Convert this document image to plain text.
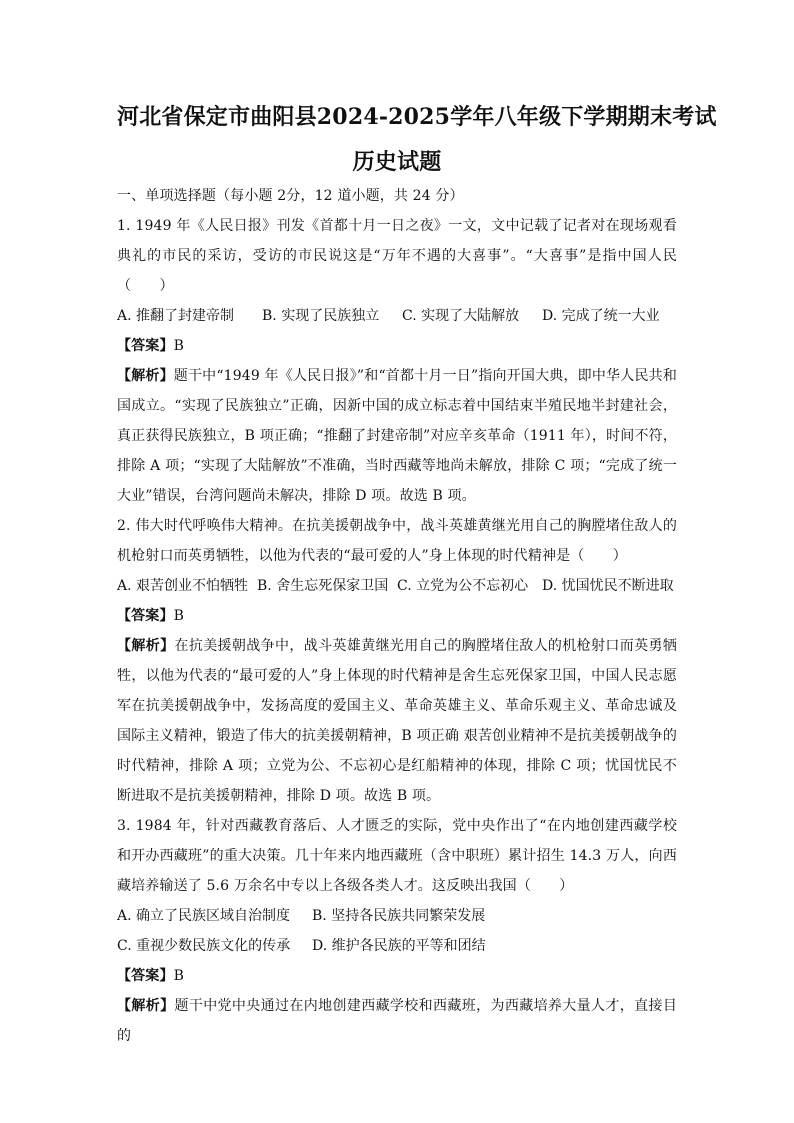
河北省保定市曲阳县2024-2025学年八年级下学期期末考试
历史试题

一、单项选择题（每小题 2分，12 道小题，共 24 分）

1. 1949 年《人民日报》刊发《首都十月一日之夜》一文，文中记载了记者对在现场观看典礼的市民的采访，受访的市民说这是“万年不遇的大喜事”。“大喜事”是指中国人民（　　）

A. 推翻了封建帝制 B. 实现了民族独立 C. 实现了大陆解放 D. 完成了统一大业

【答案】B

【解析】题干中“1949 年《人民日报》”和“首都十月一日”指向开国大典，即中华人民共和国成立。“实现了民族独立”正确，因新中国的成立标志着中国结束半殖民地半封建社会，真正获得民族独立，B 项正确；“推翻了封建帝制”对应辛亥革命（1911 年），时间不符，排除 A 项；“实现了大陆解放”不准确，当时西藏等地尚未解放，排除 C 项；“完成了统一大业”错误，台湾问题尚未解决，排除 D 项。故选 B 项。

2. 伟大时代呼唤伟大精神。在抗美援朝战争中，战斗英雄黄继光用自己的胸膛堵住敌人的机枪射口而英勇牺牲，以他为代表的“最可爱的人”身上体现的时代精神是（　　）

A. 艰苦创业不怕牺牲 B. 舍生忘死保家卫国 C. 立党为公不忘初心 D. 忧国忧民不断进取

【答案】B

【解析】在抗美援朝战争中，战斗英雄黄继光用自己的胸膛堵住敌人的机枪射口而英勇牺牲，以他为代表的“最可爱的人”身上体现的时代精神是舍生忘死保家卫国，中国人民志愿军在抗美援朝战争中，发扬高度的爱国主义、革命英雄主义、革命乐观主义、革命忠诚及国际主义精神，锻造了伟大的抗美援朝精神，B 项正确 艰苦创业精神不是抗美援朝战争的时代精神，排除 A 项；立党为公、不忘初心是红船精神的体现，排除 C 项；忧国忧民不断进取不是抗美援朝精神，排除 D 项。故选 B 项。

3. 1984 年，针对西藏教育落后、人才匮乏的实际，党中央作出了“在内地创建西藏学校和开办西藏班”的重大决策。几十年来内地西藏班（含中职班）累计招生 14.3 万人，向西藏培养输送了 5.6 万余名中专以上各级各类人才。这反映出我国（　　）

A. 确立了民族区域自治制度 B. 坚持各民族共同繁荣发展
C. 重视少数民族文化的传承 D. 维护各民族的平等和团结

【答案】B

【解析】题干中党中央通过在内地创建西藏学校和西藏班，为西藏培养大量人才，直接目的
